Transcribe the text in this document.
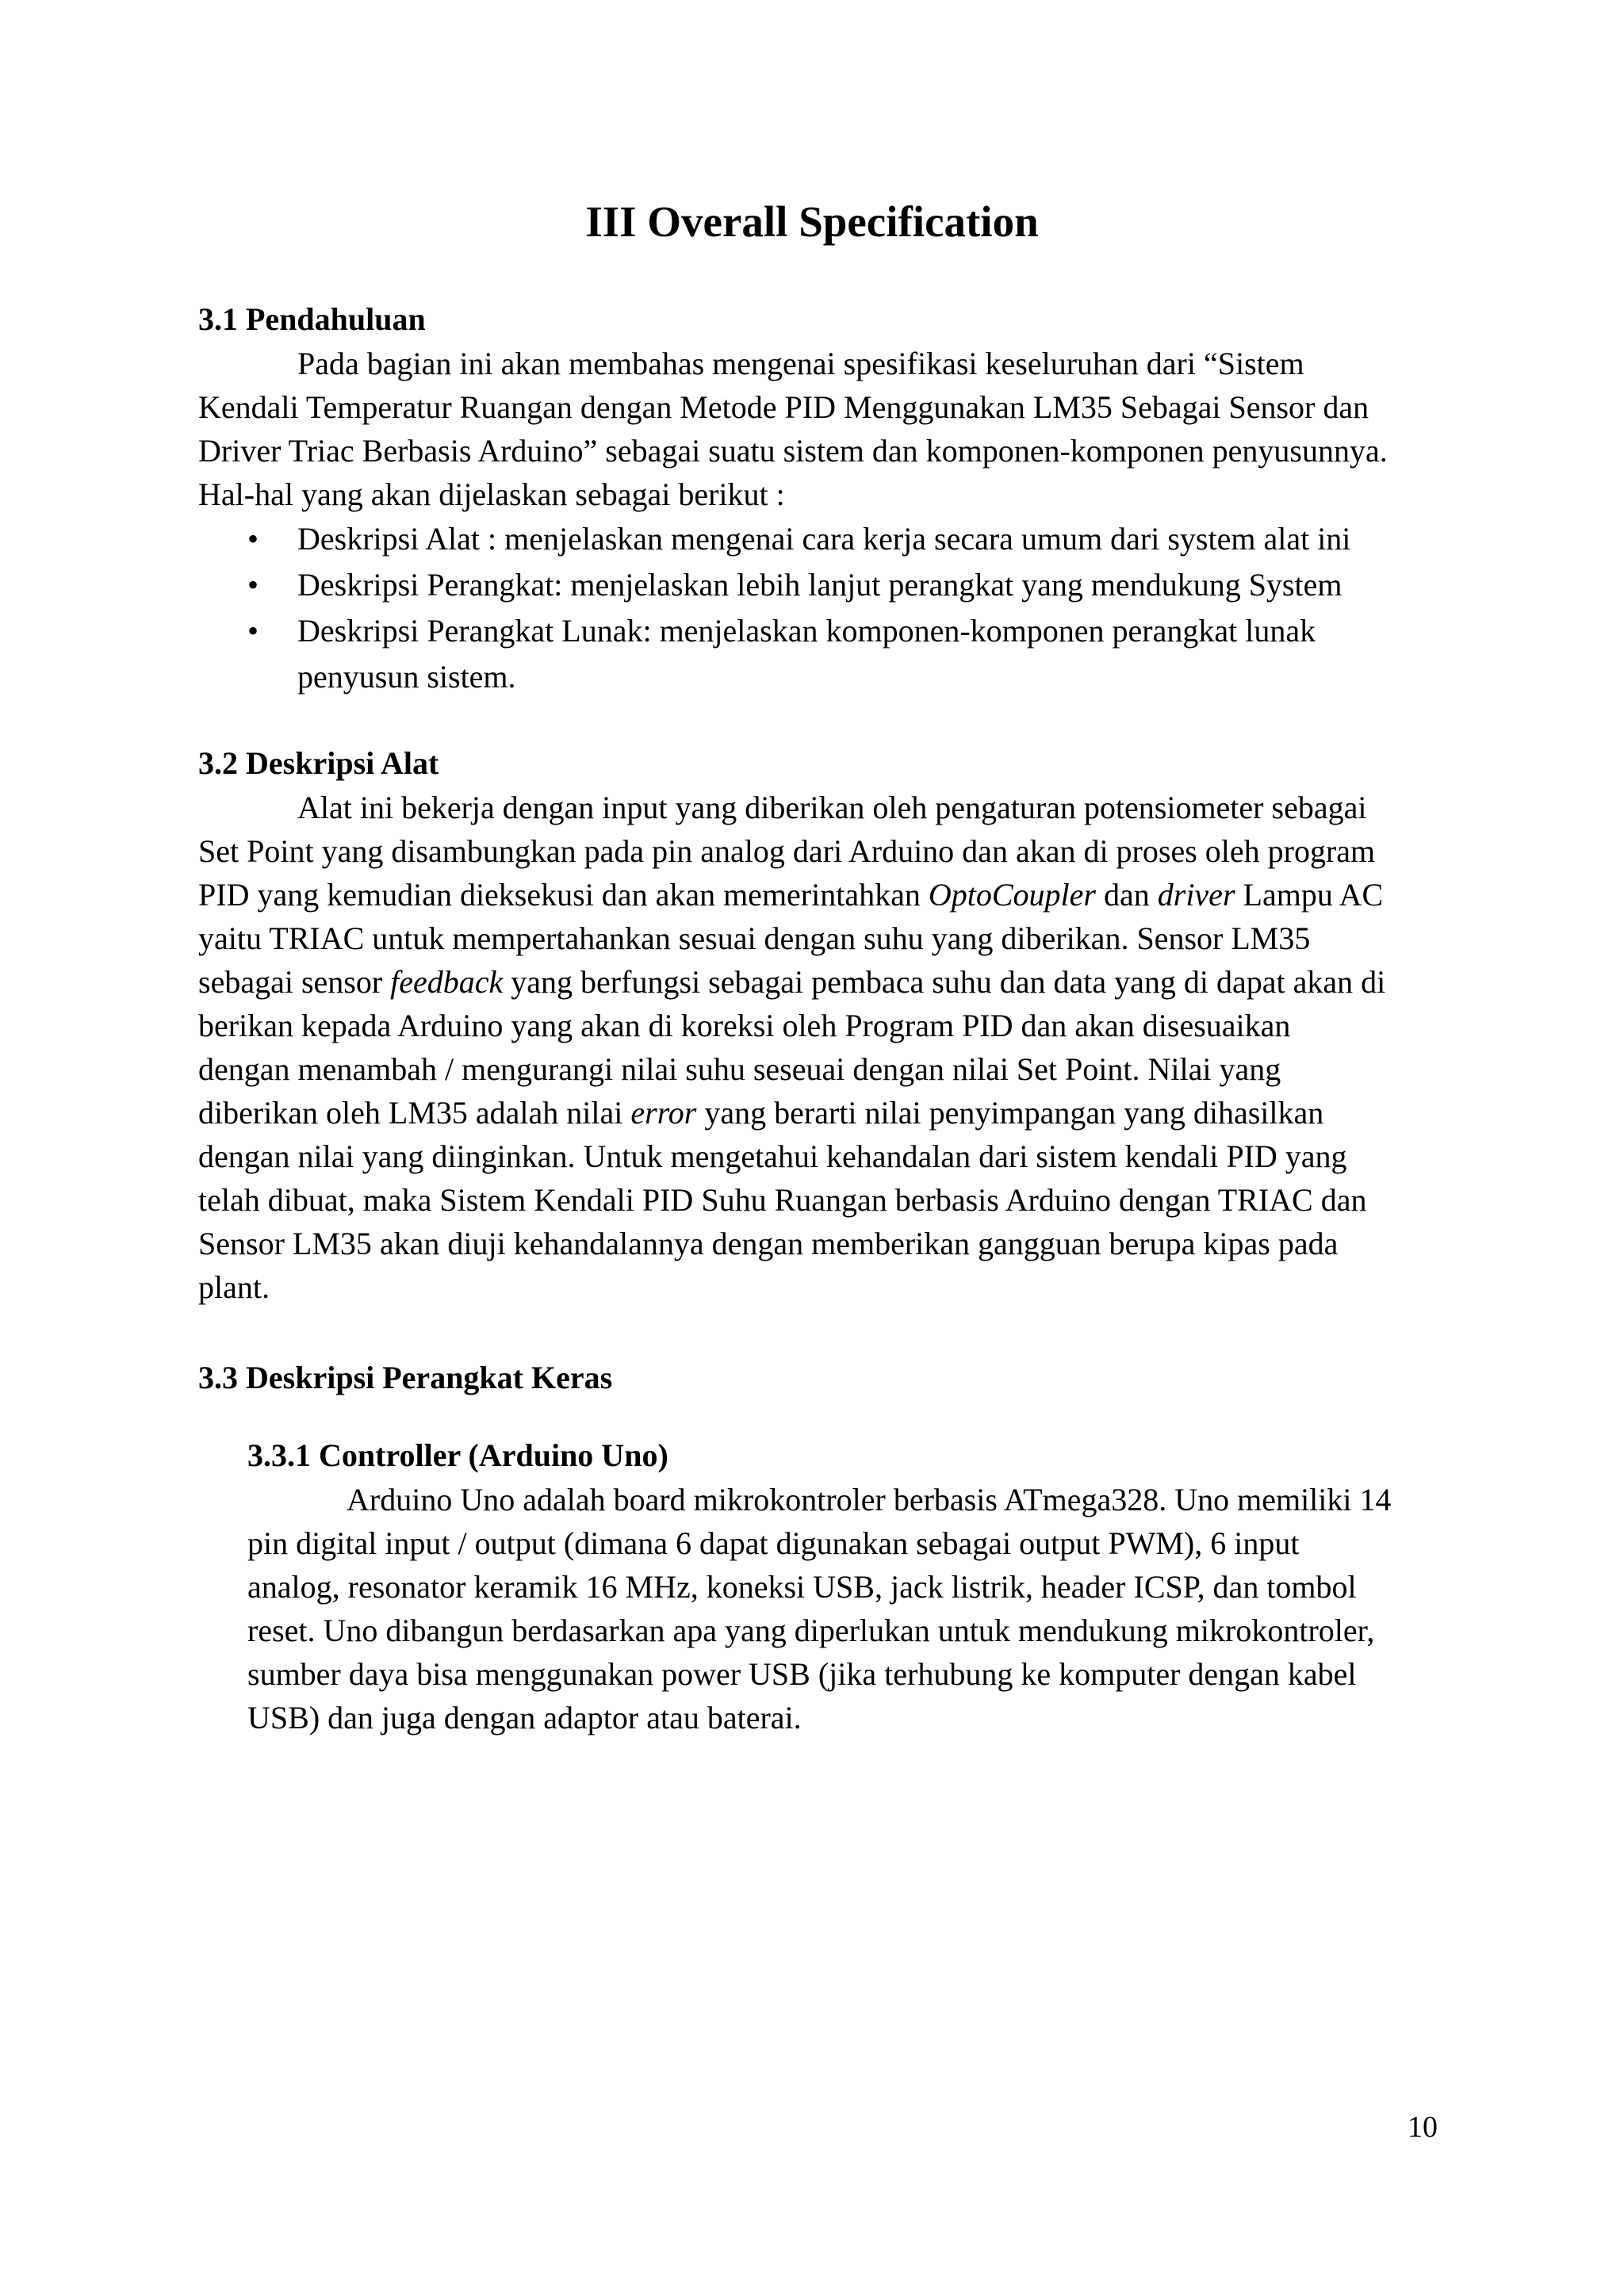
III Overall Specification
3.1 Pendahuluan

Pada bagian ini akan membahas mengenai spesifikasi keseluruhan dari “Sistem
Kendali Temperatur Ruangan dengan Metode PID Menggunakan LM35 Sebagai Sensor dan
Driver Triac Berbasis Arduino” sebagai suatu sistem dan komponen-komponen penyusunnya.
Hal-hal yang akan dijelaskan sebagai berikut :

• Deskripsi Alat : menjelaskan mengenai cara kerja secara umum dari system alat ini
• Deskripsi Perangkat: menjelaskan lebih lanjut perangkat yang mendukung System
• Deskripsi Perangkat Lunak: menjelaskan komponen-komponen perangkat lunak
penyusun sistem.
3.2 Deskripsi Alat

Alat ini bekerja dengan input yang diberikan oleh pengaturan potensiometer sebagai
Set Point yang disambungkan pada pin analog dari Arduino dan akan di proses oleh program
PID yang kemudian dieksekusi dan akan memerintahkan OptoCoupler dan driver Lampu AC
yaitu TRIAC untuk mempertahankan sesuai dengan suhu yang diberikan. Sensor LM35
sebagai sensor feedback yang berfungsi sebagai pembaca suhu dan data yang di dapat akan di
berikan kepada Arduino yang akan di koreksi oleh Program PID dan akan disesuaikan
dengan menambah / mengurangi nilai suhu seseuai dengan nilai Set Point. Nilai yang
diberikan oleh LM35 adalah nilai error yang berarti nilai penyimpangan yang dihasilkan
dengan nilai yang diinginkan. Untuk mengetahui kehandalan dari sistem kendali PID yang
telah dibuat, maka Sistem Kendali PID Suhu Ruangan berbasis Arduino dengan TRIAC dan
Sensor LM35 akan diuji kehandalannya dengan memberikan gangguan berupa kipas pada
plant.

3.3 Deskripsi Perangkat Keras
3.3.1 Controller (Arduino Uno)

Arduino Uno adalah board mikrokontroler berbasis ATmega328. Uno memiliki 14
pin digital input / output (dimana 6 dapat digunakan sebagai output PWM), 6 input
analog, resonator keramik 16 MHz, koneksi USB, jack listrik, header ICSP, dan tombol
reset. Uno dibangun berdasarkan apa yang diperlukan untuk mendukung mikrokontroler,
sumber daya bisa menggunakan power USB (jika terhubung ke komputer dengan kabel
USB) dan juga dengan adaptor atau baterai.

10
